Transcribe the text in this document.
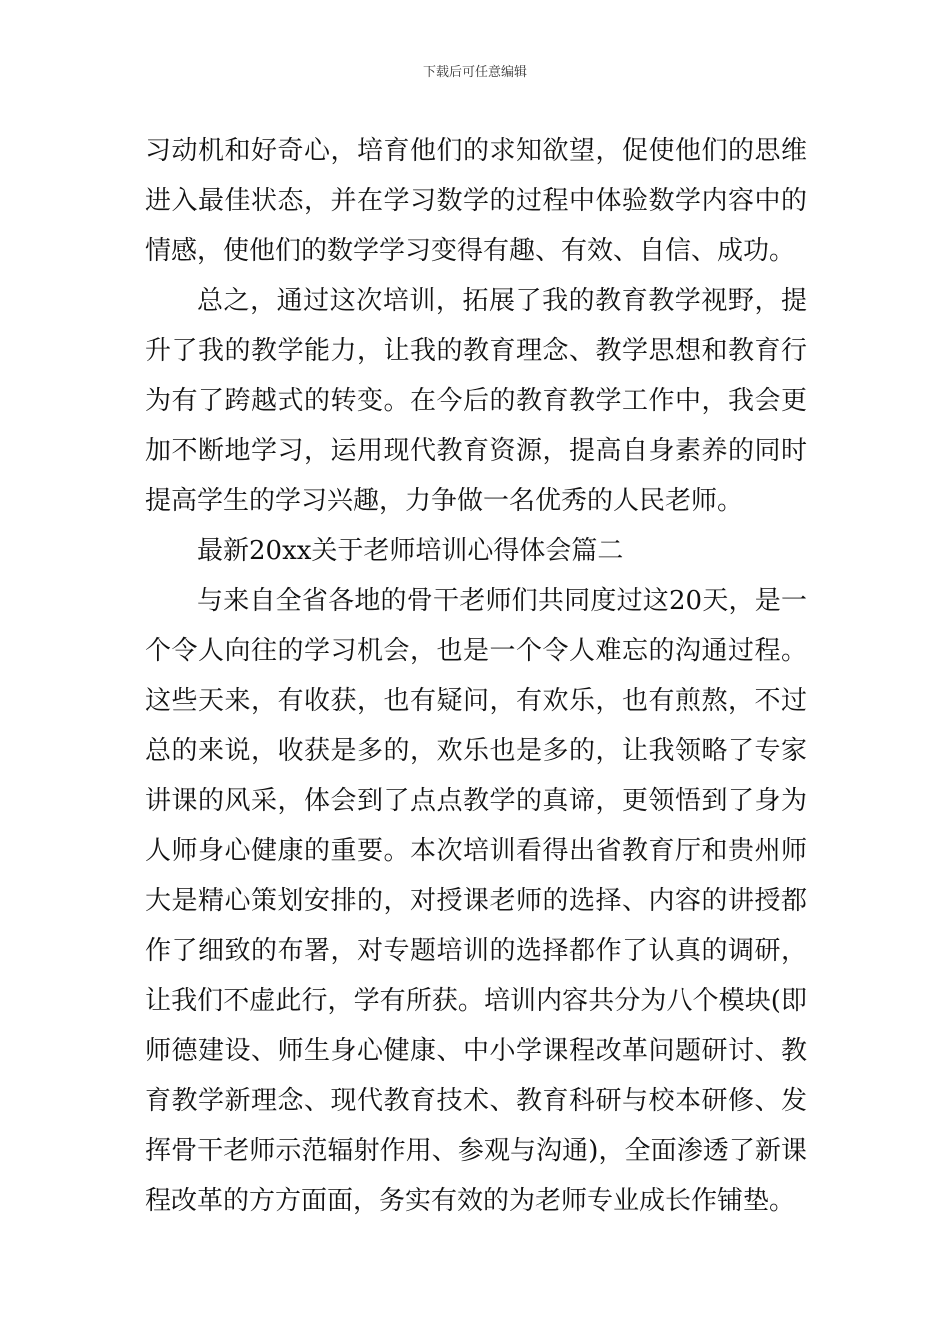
下载后可任意编辑
习动机和好奇心，培育他们的求知欲望，促使他们的思维
进入最佳状态，并在学习数学的过程中体验数学内容中的
情感，使他们的数学学习变得有趣、有效、自信、成功。
总之，通过这次培训，拓展了我的教育教学视野，提
升了我的教学能力，让我的教育理念、教学思想和教育行
为有了跨越式的转变。在今后的教育教学工作中，我会更
加不断地学习，运用现代教育资源，提高自身素养的同时
提高学生的学习兴趣，力争做一名优秀的人民老师。
最新20xx关于老师培训心得体会篇二
与来自全省各地的骨干老师们共同度过这20天，是一
个令人向往的学习机会，也是一个令人难忘的沟通过程。
这些天来，有收获，也有疑问，有欢乐，也有煎熬，不过
总的来说，收获是多的，欢乐也是多的，让我领略了专家
讲课的风采，体会到了点点教学的真谛，更领悟到了身为
人师身心健康的重要。本次培训看得出省教育厅和贵州师
大是精心策划安排的，对授课老师的选择、内容的讲授都
作了细致的布署，对专题培训的选择都作了认真的调研，
让我们不虚此行，学有所获。培训内容共分为八个模块(即
师德建设、师生身心健康、中小学课程改革问题研讨、教
育教学新理念、现代教育技术、教育科研与校本研修、发
挥骨干老师示范辐射作用、参观与沟通)，全面渗透了新课
程改革的方方面面，务实有效的为老师专业成长作铺垫。
